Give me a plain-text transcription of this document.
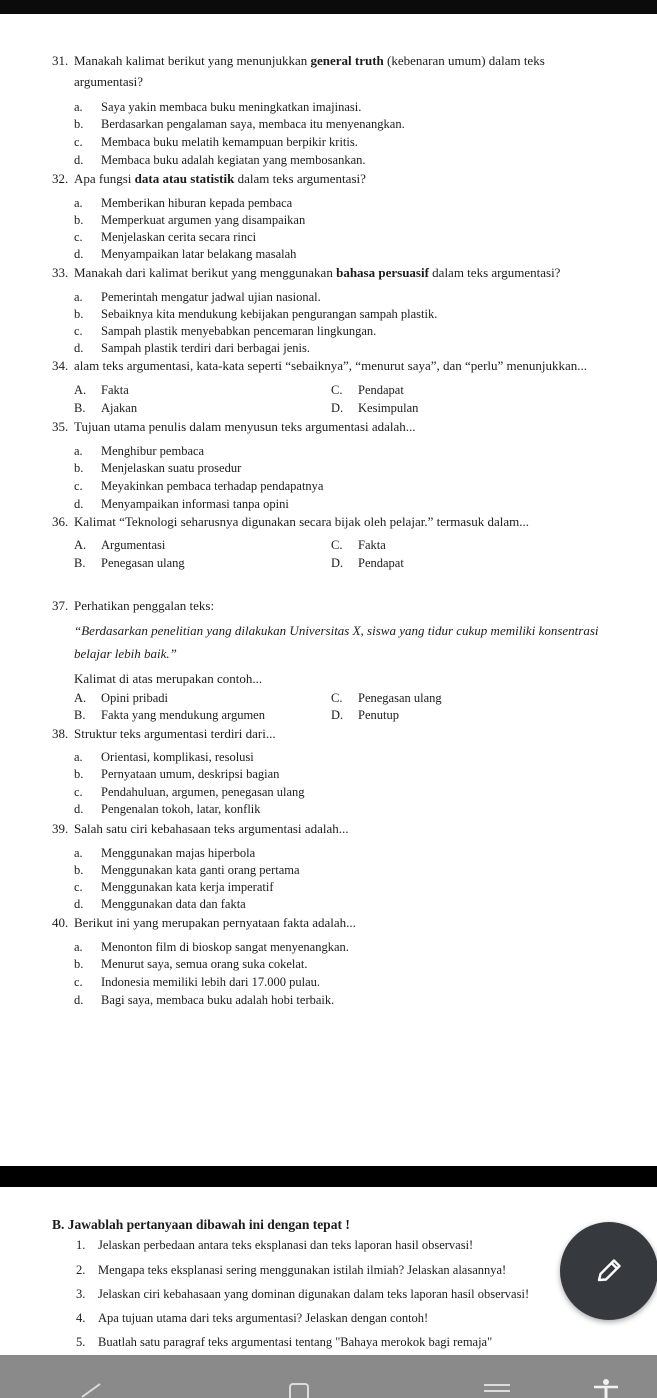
31. Manakah kalimat berikut yang menunjukkan general truth (kebenaran umum) dalam teks
argumentasi?
a. Saya yakin membaca buku meningkatkan imajinasi.
b. Berdasarkan pengalaman saya, membaca itu menyenangkan.
c. Membaca buku melatih kemampuan berpikir kritis.
d. Membaca buku adalah kegiatan yang membosankan.
32. Apa fungsi data atau statistik dalam teks argumentasi?
a. Memberikan hiburan kepada pembaca
b. Memperkuat argumen yang disampaikan
c. Menjelaskan cerita secara rinci
d. Menyampaikan latar belakang masalah
33. Manakah dari kalimat berikut yang menggunakan bahasa persuasif dalam teks argumentasi?
a. Pemerintah mengatur jadwal ujian nasional.
b. Sebaiknya kita mendukung kebijakan pengurangan sampah plastik.
c. Sampah plastik menyebabkan pencemaran lingkungan.
d. Sampah plastik terdiri dari berbagai jenis.
34. alam teks argumentasi, kata-kata seperti “sebaiknya”, “menurut saya”, dan “perlu” menunjukkan...
A. Fakta	C. Pendapat
B. Ajakan	D. Kesimpulan
35. Tujuan utama penulis dalam menyusun teks argumentasi adalah...
a. Menghibur pembaca
b. Menjelaskan suatu prosedur
c. Meyakinkan pembaca terhadap pendapatnya
d. Menyampaikan informasi tanpa opini
36. Kalimat “Teknologi seharusnya digunakan secara bijak oleh pelajar.” termasuk dalam...
A. Argumentasi	C. Fakta
B. Penegasan ulang	D. Pendapat
37. Perhatikan penggalan teks:
“Berdasarkan penelitian yang dilakukan Universitas X, siswa yang tidur cukup memiliki konsentrasi
belajar lebih baik.”
Kalimat di atas merupakan contoh...
A. Opini pribadi	C. Penegasan ulang
B. Fakta yang mendukung argumen	D. Penutup
38. Struktur teks argumentasi terdiri dari...
a. Orientasi, komplikasi, resolusi
b. Pernyataan umum, deskripsi bagian
c. Pendahuluan, argumen, penegasan ulang
d. Pengenalan tokoh, latar, konflik
39. Salah satu ciri kebahasaan teks argumentasi adalah...
a. Menggunakan majas hiperbola
b. Menggunakan kata ganti orang pertama
c. Menggunakan kata kerja imperatif
d. Menggunakan data dan fakta
40. Berikut ini yang merupakan pernyataan fakta adalah...
a. Menonton film di bioskop sangat menyenangkan.
b. Menurut saya, semua orang suka cokelat.
c. Indonesia memiliki lebih dari 17.000 pulau.
d. Bagi saya, membaca buku adalah hobi terbaik.
B. Jawablah pertanyaan dibawah ini dengan tepat !
1. Jelaskan perbedaan antara teks eksplanasi dan teks laporan hasil observasi!
2. Mengapa teks eksplanasi sering menggunakan istilah ilmiah? Jelaskan alasannya!
3. Jelaskan ciri kebahasaan yang dominan digunakan dalam teks laporan hasil observasi!
4. Apa tujuan utama dari teks argumentasi? Jelaskan dengan contoh!
5. Buatlah satu paragraf teks argumentasi tentang "Bahaya merokok bagi remaja"
